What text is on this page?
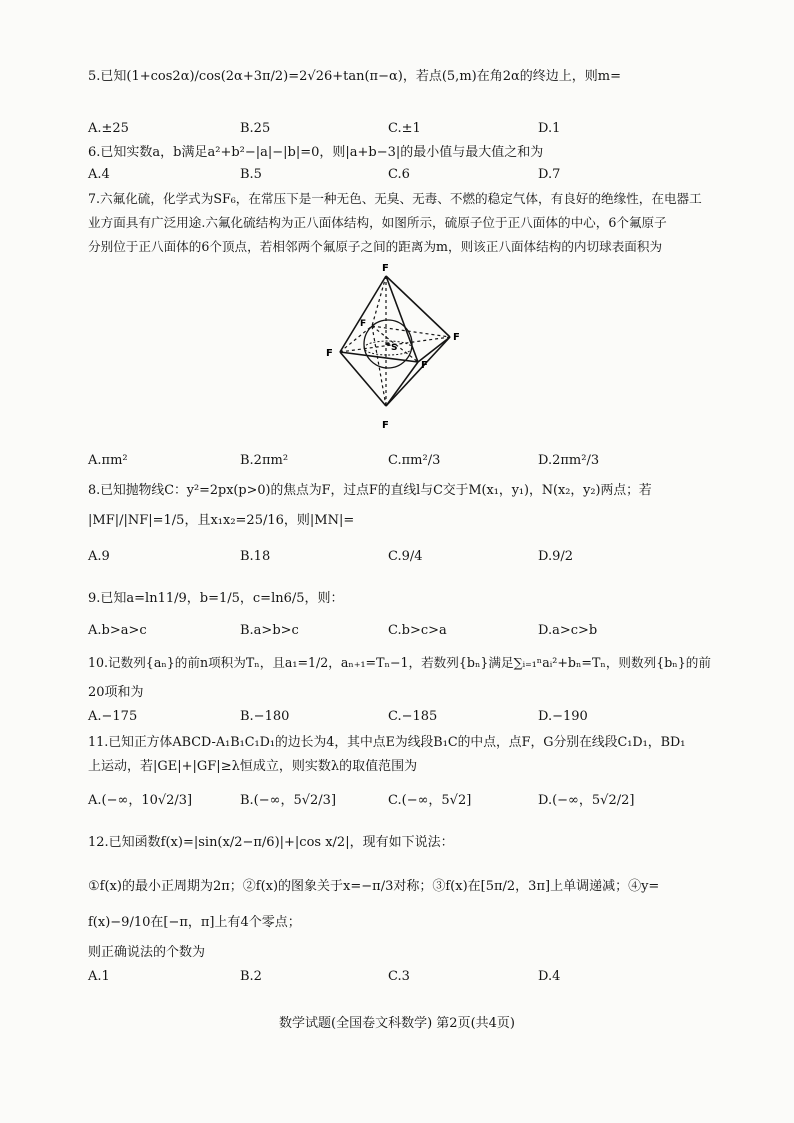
5.已知(1+cos2α)/cos(2α+3π/2)=2√26+tan(π−α)，若点(5,m)在角2α的终边上，则m=
A.±25	B.25	C.±1	D.1
6.已知实数a，b满足a²+b²−|a|−|b|=0，则|a+b−3|的最小值与最大值之和为
A.4	B.5	C.6	D.7
7.六氟化硫，化学式为SF₆，在常压下是一种无色、无臭、无毒、不燃的稳定气体，有良好的绝缘性，在电器工
业方面具有广泛用途.六氟化硫结构为正八面体结构，如图所示，硫原子位于正八面体的中心，6个氟原子
分别位于正八面体的6个顶点，若相邻两个氟原子之间的距离为m，则该正八面体结构的内切球表面积为
F
F
F
F
F
F
S
A.πm²	B.2πm²	C.πm²/3	D.2πm²/3
8.已知抛物线C：y²=2px(p>0)的焦点为F，过点F的直线l与C交于M(x₁，y₁)，N(x₂，y₂)两点；若
|MF|/|NF|=1/5，且x₁x₂=25/16，则|MN|=
A.9	B.18	C.9/4	D.9/2
9.已知a=ln11/9，b=1/5，c=ln6/5，则：
A.b>a>c	B.a>b>c	C.b>c>a	D.a>c>b
10.记数列{aₙ}的前n项积为Tₙ，且a₁=1/2，aₙ₊₁=Tₙ−1，若数列{bₙ}满足∑ᵢ₌₁ⁿaᵢ²+bₙ=Tₙ，则数列{bₙ}的前
20项和为
A.−175	B.−180	C.−185	D.−190
11.已知正方体ABCD-A₁B₁C₁D₁的边长为4，其中点E为线段B₁C的中点，点F，G分别在线段C₁D₁，BD₁
上运动，若|GE|+|GF|≥λ恒成立，则实数λ的取值范围为
A.(−∞，10√2/3]	B.(−∞，5√2/3]	C.(−∞，5√2]	D.(−∞，5√2/2]
12.已知函数f(x)=|sin(x/2−π/6)|+|cos x/2|，现有如下说法：
①f(x)的最小正周期为2π；②f(x)的图象关于x=−π/3对称；③f(x)在[5π/2，3π]上单调递减；④y=
f(x)−9/10在[−π，π]上有4个零点；
则正确说法的个数为
A.1	B.2	C.3	D.4
数学试题(全国卷文科数学) 第2页(共4页)
